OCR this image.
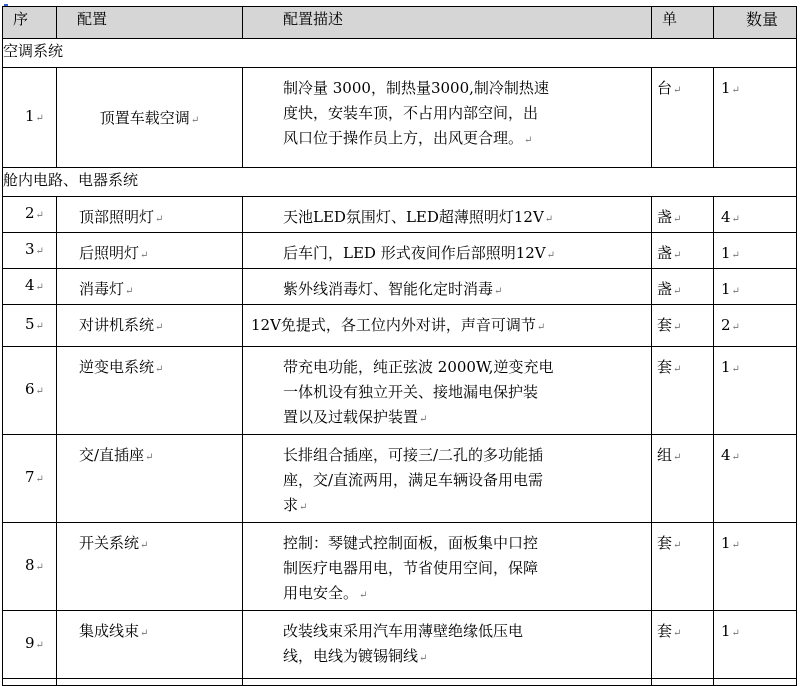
序	配置	配置描述	单	数量
空调系统				
1↵	顶置车载空调↵	制冷量 3000，制热量3000,制冷制热速
度快，安装车顶，不占用内部空间，出
风口位于操作员上方，出风更合理。↵	台↵	1↵
舱内电路、电器系统				
2↵	顶部照明灯↵	天池LED氛围灯、LED超薄照明灯12V↵	盏↵	4↵
3↵	后照明灯↵	后车门，LED 形式夜间作后部照明12V↵	盏↵	1↵
4↵	消毒灯↵	紫外线消毒灯、智能化定时消毒↵	盏↵	1↵
5↵	对讲机系统↵	12V免提式，各工位内外对讲，声音可调节↵	套↵	2↵
6↵	逆变电系统↵	带充电功能，纯正弦波 2000W,逆变充电
一体机设有独立开关、接地漏电保护装
置以及过载保护装置↵	套↵	1↵
7↵	交/直插座↵	长排组合插座，可接三/二孔的多功能插
座，交/直流两用，满足车辆设备用电需
求↵	组↵	4↵
8↵	开关系统↵	控制：琴键式控制面板，面板集中口控
制医疗电器用电，节省使用空间，保障
用电安全。↵	套↵	1↵
9↵	集成线束↵	改装线束采用汽车用薄壁绝缘低压电
线，电线为镀锡铜线↵	套↵	1↵
